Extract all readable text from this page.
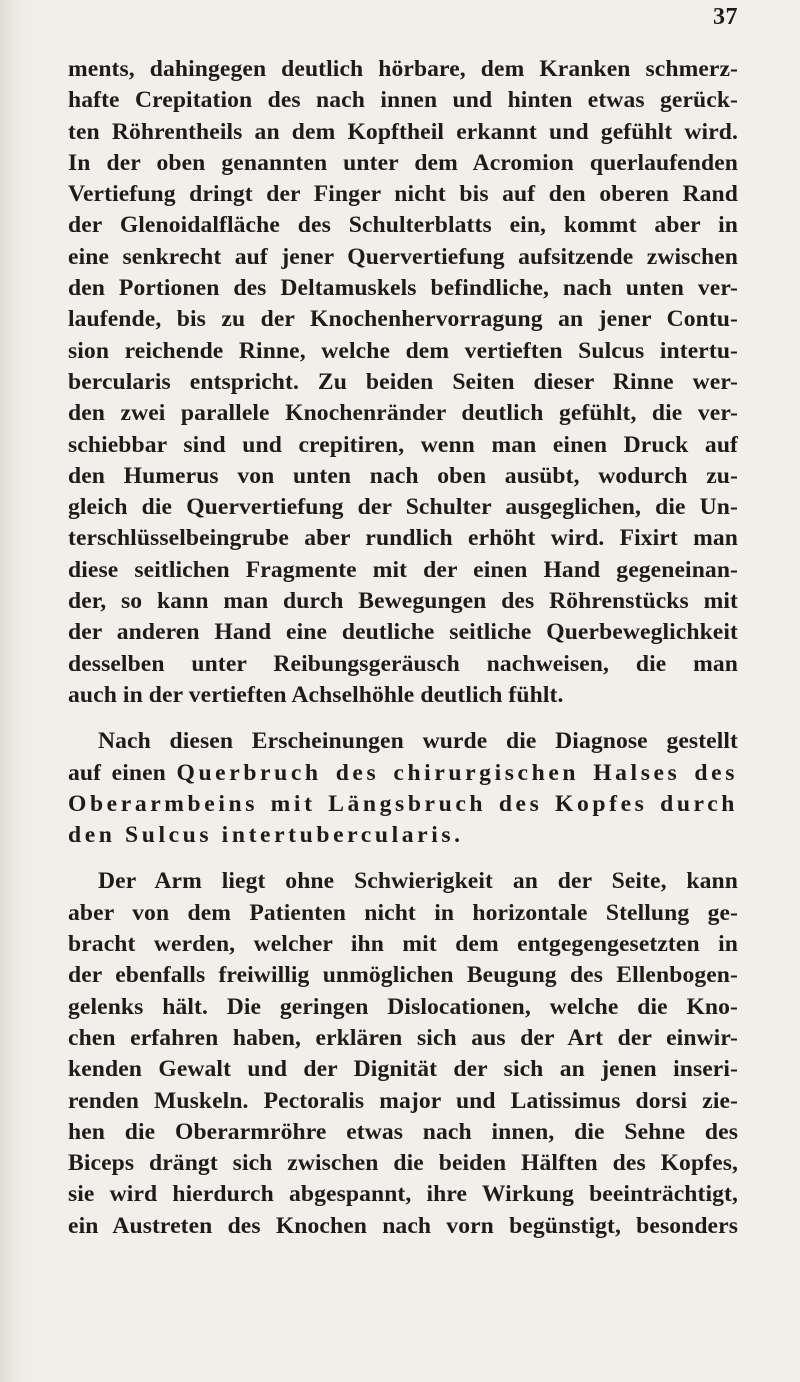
37
ments, dahingegen deutlich hörbare, dem Kranken schmerz-
hafte Crepitation des nach innen und hinten etwas gerück-
ten Röhrentheils an dem Kopftheil erkannt und gefühlt wird.
In der oben genannten unter dem Acromion querlaufenden
Vertiefung dringt der Finger nicht bis auf den oberen Rand
der Glenoidalfläche des Schulterblatts ein, kommt aber in
eine senkrecht auf jener Quervertiefung aufsitzende zwischen
den Portionen des Deltamuskels befindliche, nach unten ver-
laufende, bis zu der Knochenhervorragung an jener Contu-
sion reichende Rinne, welche dem vertieften Sulcus intertu-
bercularis entspricht. Zu beiden Seiten dieser Rinne wer-
den zwei parallele Knochenränder deutlich gefühlt, die ver-
schiebbar sind und crepitiren, wenn man einen Druck auf
den Humerus von unten nach oben ausübt, wodurch zu-
gleich die Quervertiefung der Schulter ausgeglichen, die Un-
terschlüsselbeingrube aber rundlich erhöht wird. Fixirt man
diese seitlichen Fragmente mit der einen Hand gegeneinan-
der, so kann man durch Bewegungen des Röhrenstücks mit
der anderen Hand eine deutliche seitliche Querbeweglichkeit
desselben unter Reibungsgeräusch nachweisen, die man
auch in der vertieften Achselhöhle deutlich fühlt.
Nach diesen Erscheinungen wurde die Diagnose gestellt
auf einen Querbruch des chirurgischen Halses des
Oberarmbeins mit Längsbruch des Kopfes durch
den Sulcus intertubercularis.
Der Arm liegt ohne Schwierigkeit an der Seite, kann
aber von dem Patienten nicht in horizontale Stellung ge-
bracht werden, welcher ihn mit dem entgegengesetzten in
der ebenfalls freiwillig unmöglichen Beugung des Ellenbogen-
gelenks hält. Die geringen Dislocationen, welche die Kno-
chen erfahren haben, erklären sich aus der Art der einwir-
kenden Gewalt und der Dignität der sich an jenen inseri-
renden Muskeln. Pectoralis major und Latissimus dorsi zie-
hen die Oberarmröhre etwas nach innen, die Sehne des
Biceps drängt sich zwischen die beiden Hälften des Kopfes,
sie wird hierdurch abgespannt, ihre Wirkung beeinträchtigt,
ein Austreten des Knochen nach vorn begünstigt, besonders
